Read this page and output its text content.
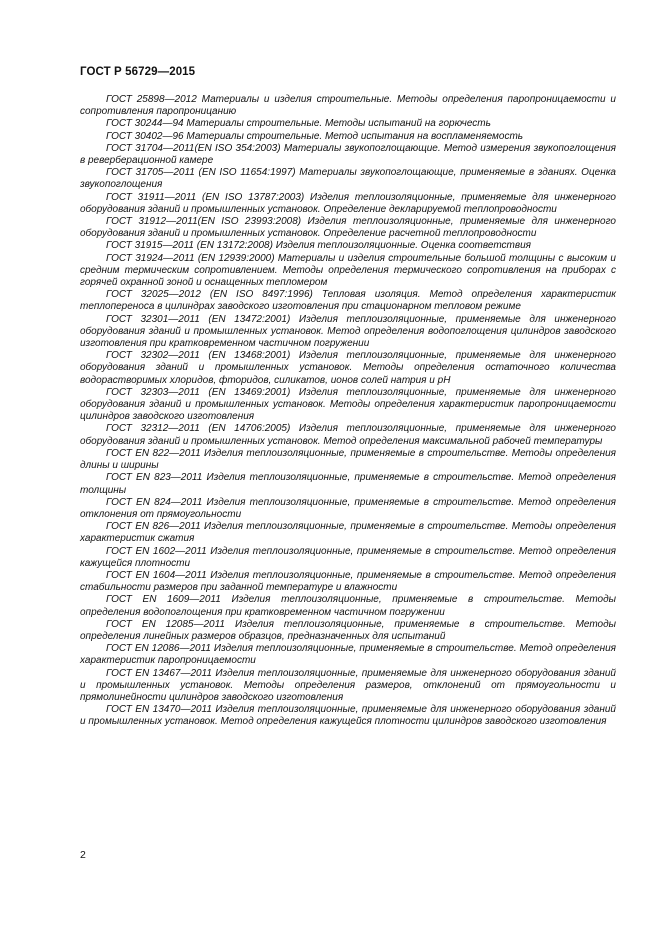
ГОСТ Р 56729—2015

ГОСТ 25898—2012 Материалы и изделия строительные. Методы определения паропроницаемости и сопротивления паропроницанию

ГОСТ 30244—94 Материалы строительные. Методы испытаний на горючесть

ГОСТ 30402—96 Материалы строительные. Метод испытания на воспламеняемость

ГОСТ 31704—2011(EN ISO 354:2003) Материалы звукопоглощающие. Метод измерения звукопоглощения в реверберационной камере

ГОСТ 31705—2011 (EN ISO 11654:1997) Материалы звукопоглощающие, применяемые в зданиях. Оценка звукопоглощения

ГОСТ 31911—2011 (EN ISO 13787:2003) Изделия теплоизоляционные, применяемые для инженерного оборудования зданий и промышленных установок. Определение декларируемой теплопроводности

ГОСТ 31912—2011(EN ISO 23993:2008) Изделия теплоизоляционные, применяемые для инженерного оборудования зданий и промышленных установок. Определение расчетной теплопроводности

ГОСТ 31915—2011 (EN 13172:2008) Изделия теплоизоляционные. Оценка соответствия

ГОСТ 31924—2011 (EN 12939:2000) Материалы и изделия строительные большой толщины с высоким и средним термическим сопротивлением. Методы определения термического сопротивления на приборах с горячей охранной зоной и оснащенных тепломером

ГОСТ 32025—2012 (EN ISO 8497:1996) Тепловая изоляция. Метод определения характеристик теплопереноса в цилиндрах заводского изготовления при стационарном тепловом режиме

ГОСТ 32301—2011 (EN 13472:2001) Изделия теплоизоляционные, применяемые для инженерного оборудования зданий и промышленных установок. Метод определения водопоглощения цилиндров заводского изготовления при кратковременном частичном погружении

ГОСТ 32302—2011 (EN 13468:2001) Изделия теплоизоляционные, применяемые для инженерного оборудования зданий и промышленных установок. Методы определения остаточного количества водорастворимых хлоридов, фторидов, силикатов, ионов солей натрия и pH

ГОСТ 32303—2011 (EN 13469:2001) Изделия теплоизоляционные, применяемые для инженерного оборудования зданий и промышленных установок. Методы определения характеристик паропроницаемости цилиндров заводского изготовления

ГОСТ 32312—2011 (EN 14706:2005) Изделия теплоизоляционные, применяемые для инженерного оборудования зданий и промышленных установок. Метод определения максимальной рабочей температуры

ГОСТ EN 822—2011 Изделия теплоизоляционные, применяемые в строительстве. Методы определения длины и ширины

ГОСТ EN 823—2011 Изделия теплоизоляционные, применяемые в строительстве. Метод определения толщины

ГОСТ EN 824—2011 Изделия теплоизоляционные, применяемые в строительстве. Метод определения отклонения от прямоугольности

ГОСТ EN 826—2011 Изделия теплоизоляционные, применяемые в строительстве. Методы определения характеристик сжатия

ГОСТ EN 1602—2011 Изделия теплоизоляционные, применяемые в строительстве. Метод определения кажущейся плотности

ГОСТ EN 1604—2011 Изделия теплоизоляционные, применяемые в строительстве. Метод определения стабильности размеров при заданной температуре и влажности

ГОСТ EN 1609—2011 Изделия теплоизоляционные, применяемые в строительстве. Методы определения водопоглощения при кратковременном частичном погружении

ГОСТ EN 12085—2011 Изделия теплоизоляционные, применяемые в строительстве. Методы определения линейных размеров образцов, предназначенных для испытаний

ГОСТ EN 12086—2011 Изделия теплоизоляционные, применяемые в строительстве. Метод определения характеристик паропроницаемости

ГОСТ EN 13467—2011 Изделия теплоизоляционные, применяемые для инженерного оборудования зданий и промышленных установок. Методы определения размеров, отклонений от прямоугольности и прямолинейности цилиндров заводского изготовления

ГОСТ EN 13470—2011 Изделия теплоизоляционные, применяемые для инженерного оборудования зданий и промышленных установок. Метод определения кажущейся плотности цилиндров заводского изготовления

2
